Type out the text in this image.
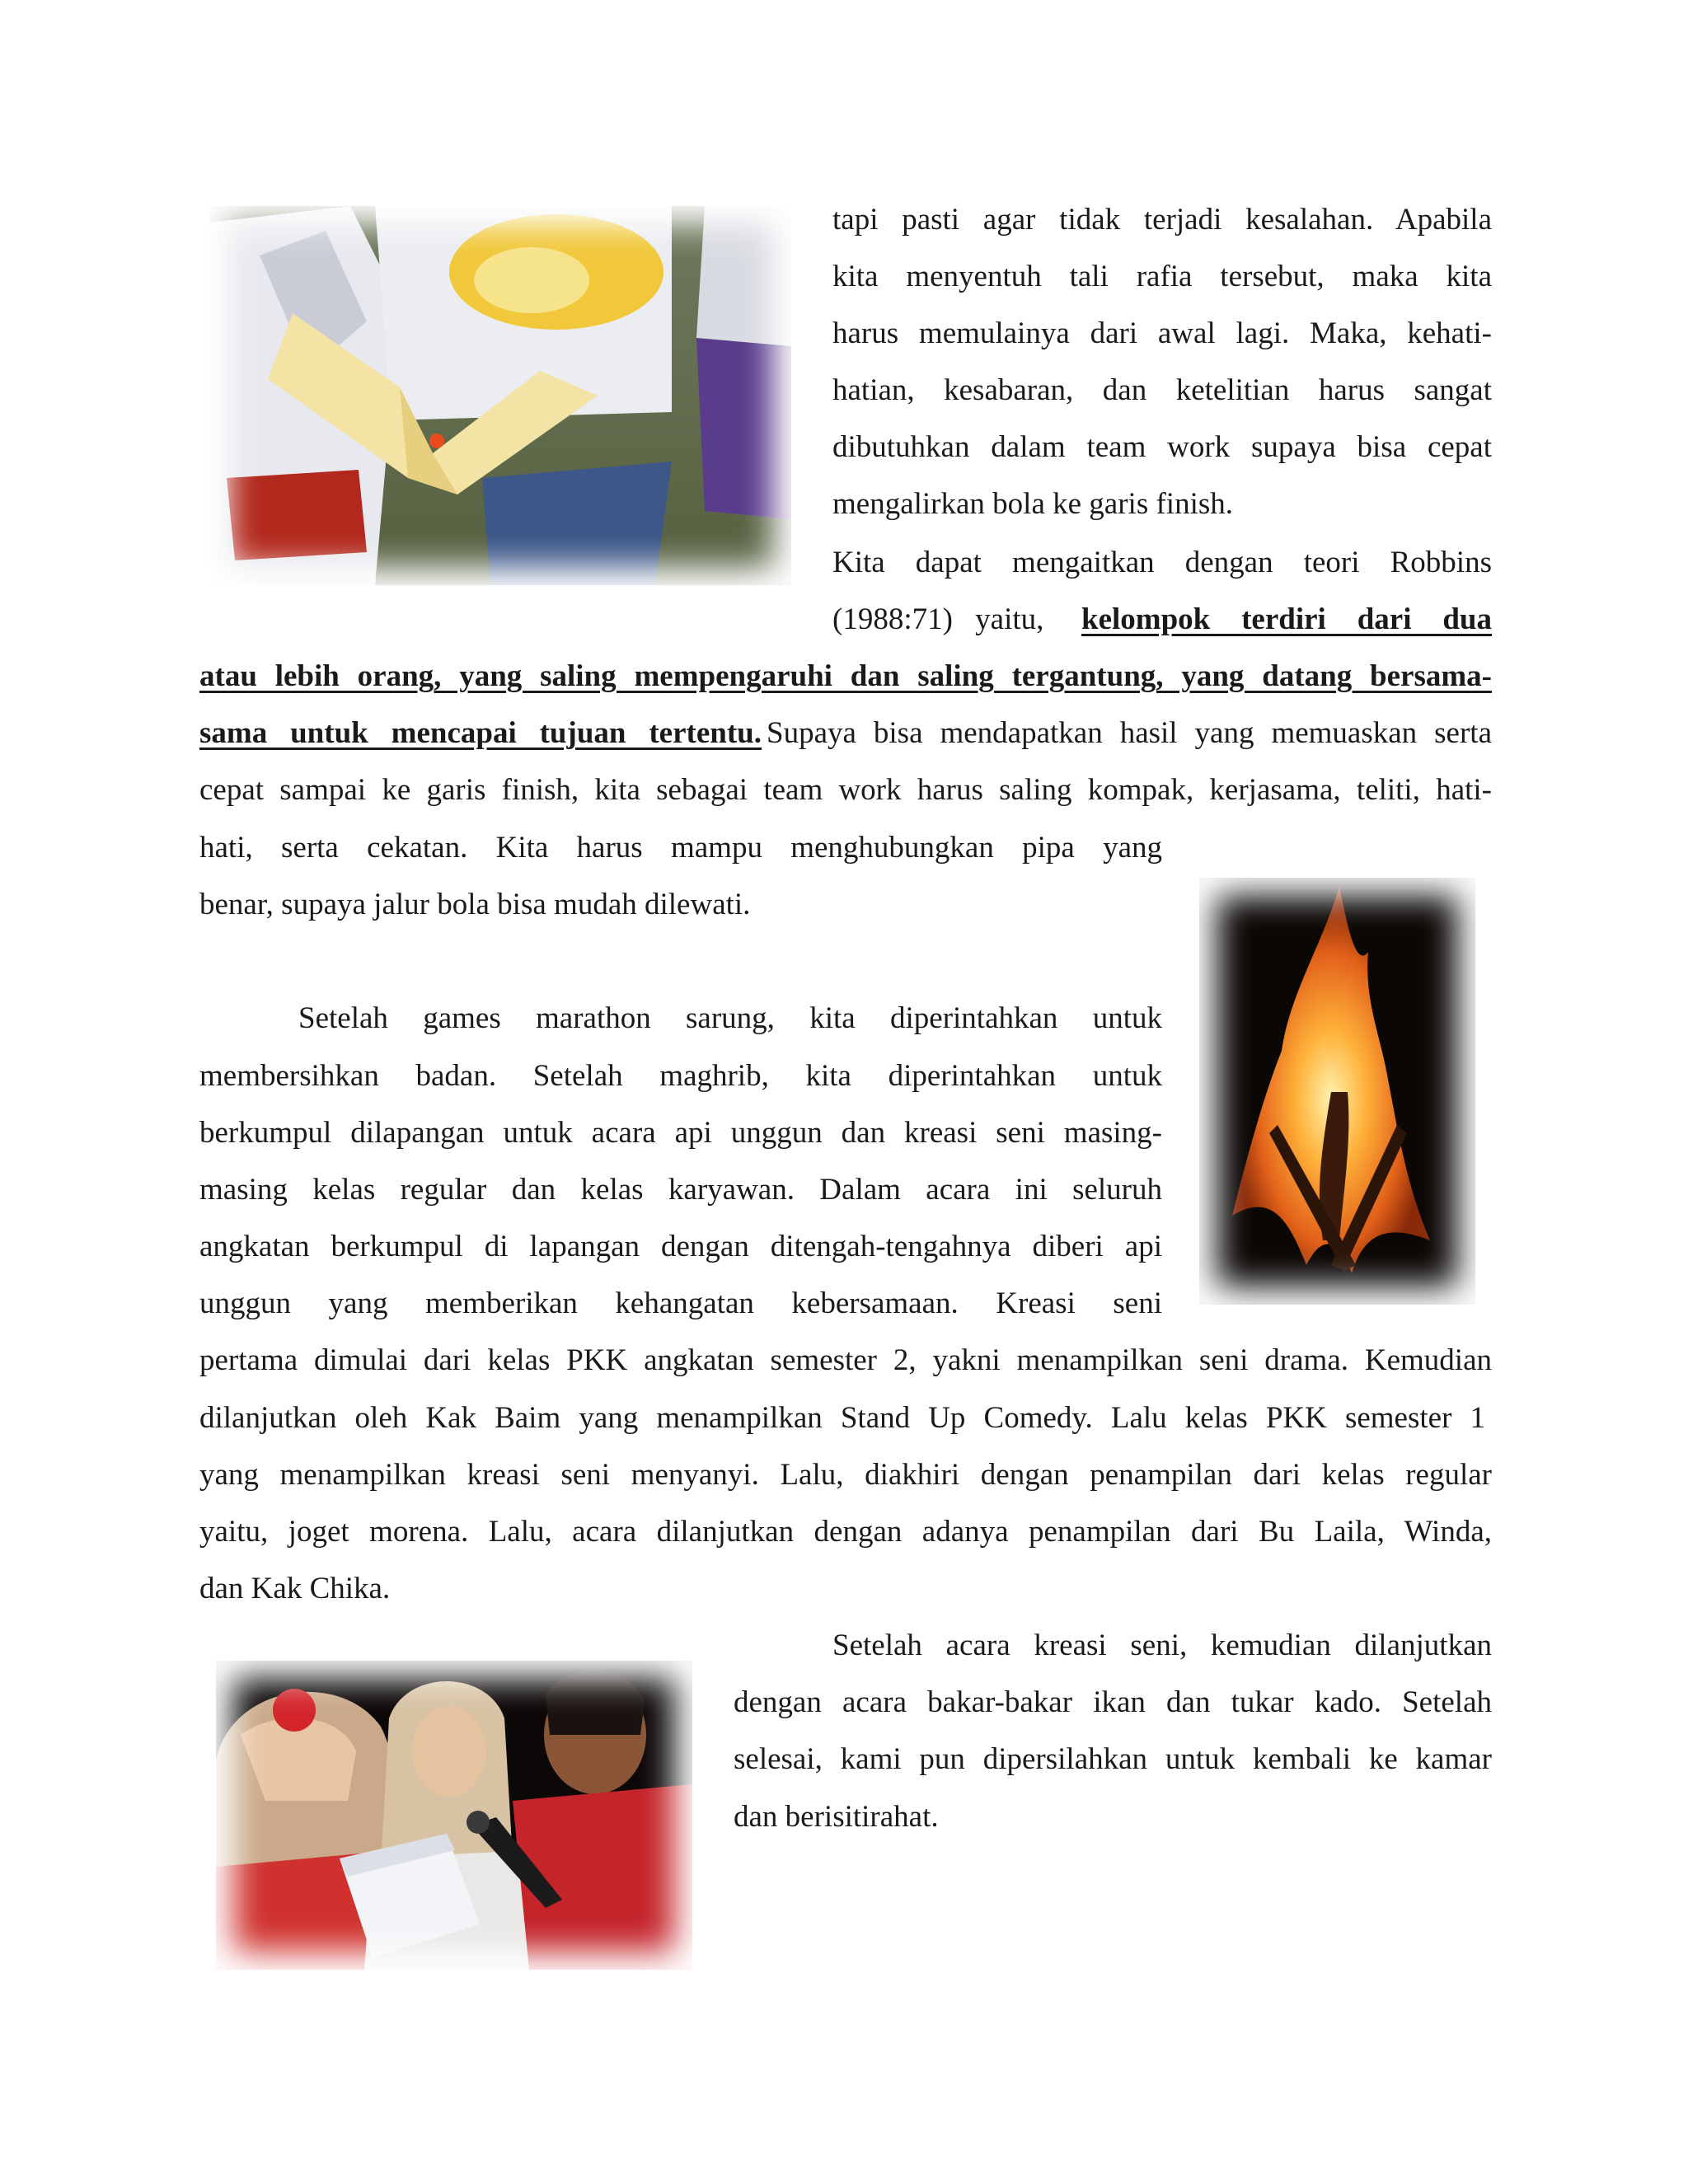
tapi pasti agar tidak terjadi kesalahan. Apabila
kita menyentuh tali rafia tersebut, maka kita
harus memulainya dari awal lagi. Maka, kehati-
hatian, kesabaran, dan ketelitian harus sangat
dibutuhkan dalam team work supaya bisa cepat
mengalirkan bola ke garis finish.
Kita dapat mengaitkan dengan teori Robbins
(1988:71) yaitu, kelompok terdiri dari dua
atau lebih orang, yang saling mempengaruhi dan saling tergantung, yang datang bersama-
sama untuk mencapai tujuan tertentu. Supaya bisa mendapatkan hasil yang memuaskan serta
cepat sampai ke garis finish, kita sebagai team work harus saling kompak, kerjasama, teliti, hati-
hati, serta cekatan. Kita harus mampu menghubungkan pipa yang
benar, supaya jalur bola bisa mudah dilewati.
Setelah games marathon sarung, kita diperintahkan untuk
membersihkan badan. Setelah maghrib, kita diperintahkan untuk
berkumpul dilapangan untuk acara api unggun dan kreasi seni masing-
masing kelas regular dan kelas karyawan. Dalam acara ini seluruh
angkatan berkumpul di lapangan dengan ditengah-tengahnya diberi api
unggun yang memberikan kehangatan kebersamaan. Kreasi seni
pertama dimulai dari kelas PKK angkatan semester 2, yakni menampilkan seni drama. Kemudian
dilanjutkan oleh Kak Baim yang menampilkan Stand Up Comedy. Lalu kelas PKK semester 1
yang menampilkan kreasi seni menyanyi. Lalu, diakhiri dengan penampilan dari kelas regular
yaitu, joget morena. Lalu, acara dilanjutkan dengan adanya penampilan dari Bu Laila, Winda,
dan Kak Chika.
Setelah acara kreasi seni, kemudian dilanjutkan
dengan acara bakar-bakar ikan dan tukar kado. Setelah
selesai, kami pun dipersilahkan untuk kembali ke kamar
dan berisitirahat.
